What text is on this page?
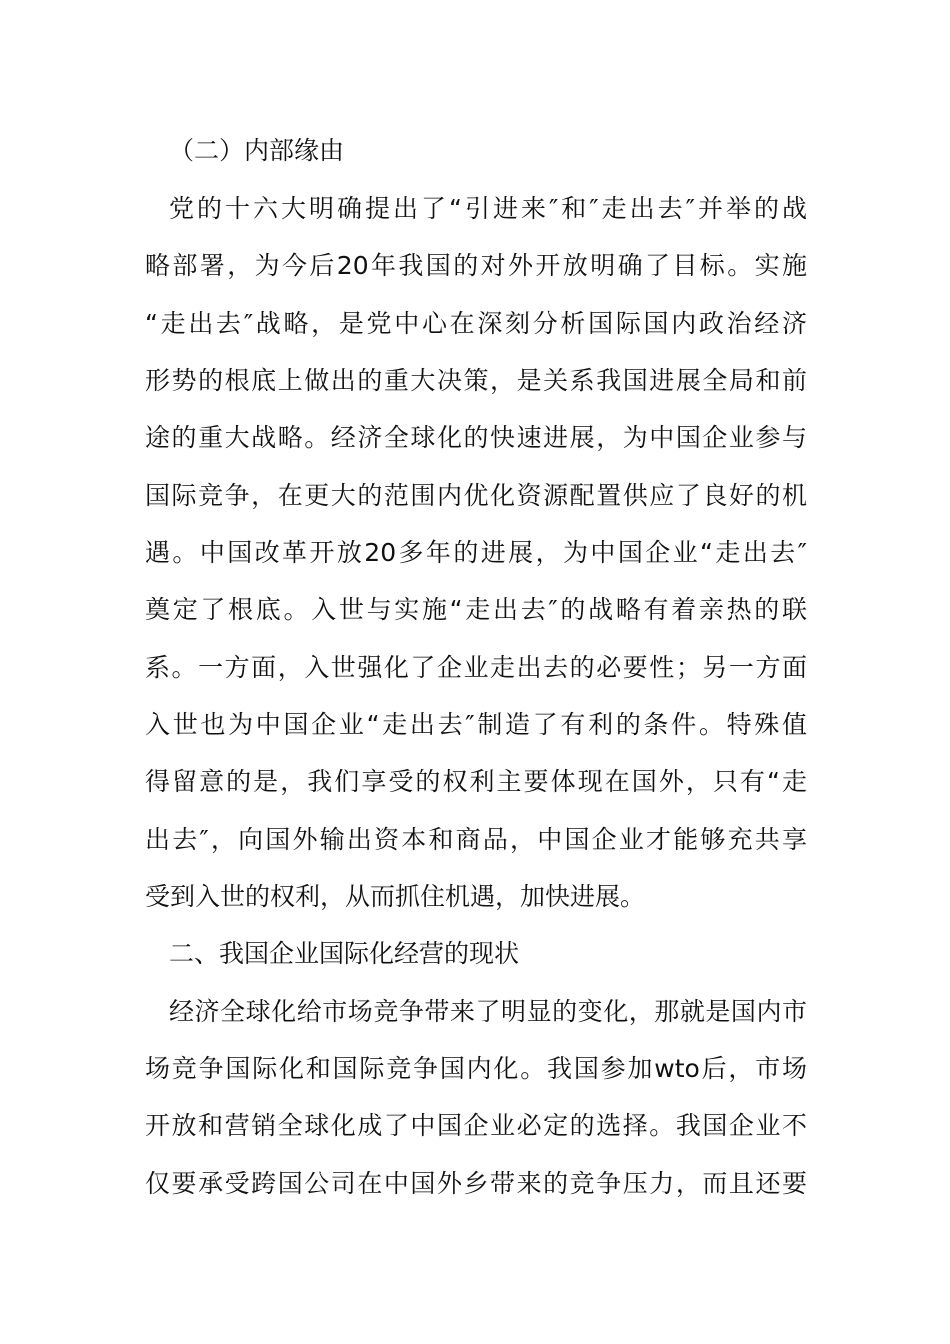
（二）内部缘由
党的十六大明确提出了“引进来″和″走出去″并举的战
略部署，为今后20年我国的对外开放明确了目标。实施
“走出去″战略，是党中心在深刻分析国际国内政治经济
形势的根底上做出的重大决策，是关系我国进展全局和前
途的重大战略。经济全球化的快速进展，为中国企业参与
国际竞争，在更大的范围内优化资源配置供应了良好的机
遇。中国改革开放20多年的进展，为中国企业“走出去″
奠定了根底。入世与实施“走出去″的战略有着亲热的联
系。一方面，入世强化了企业走出去的必要性；另一方面
入世也为中国企业“走出去″制造了有利的条件。特殊值
得留意的是，我们享受的权利主要体现在国外，只有“走
出去″，向国外输出资本和商品，中国企业才能够充共享
受到入世的权利，从而抓住机遇，加快进展。
二、我国企业国际化经营的现状
经济全球化给市场竞争带来了明显的变化，那就是国内市
场竞争国际化和国际竞争国内化。我国参加wto后，市场
开放和营销全球化成了中国企业必定的选择。我国企业不
仅要承受跨国公司在中国外乡带来的竞争压力，而且还要
